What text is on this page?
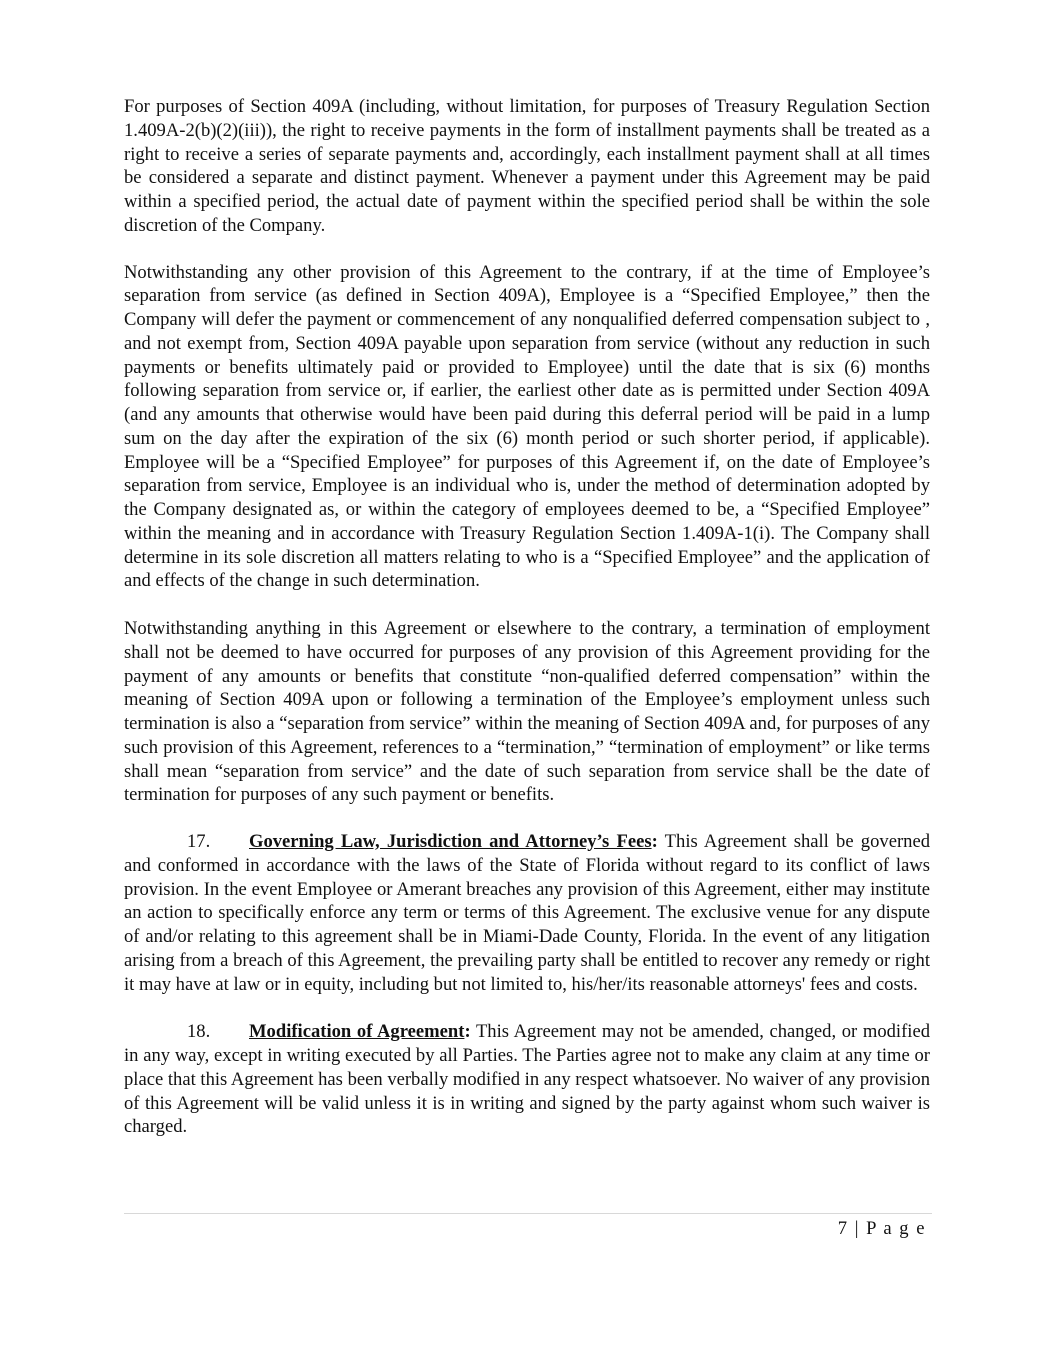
For purposes of Section 409A (including, without limitation, for purposes of Treasury Regulation Section 1.409A-2(b)(2)(iii)), the right to receive payments in the form of installment payments shall be treated as a right to receive a series of separate payments and, accordingly, each installment payment shall at all times be considered a separate and distinct payment. Whenever a payment under this Agreement may be paid within a specified period, the actual date of payment within the specified period shall be within the sole discretion of the Company.

Notwithstanding any other provision of this Agreement to the contrary, if at the time of Employee’s separation from service (as defined in Section 409A), Employee is a “Specified Employee,” then the Company will defer the payment or commencement of any nonqualified deferred compensation subject to , and not exempt from, Section 409A payable upon separation from service (without any reduction in such payments or benefits ultimately paid or provided to Employee) until the date that is six (6) months following separation from service or, if earlier, the earliest other date as is permitted under Section 409A (and any amounts that otherwise would have been paid during this deferral period will be paid in a lump sum on the day after the expiration of the six (6) month period or such shorter period, if applicable). Employee will be a “Specified Employee” for purposes of this Agreement if, on the date of Employee’s separation from service, Employee is an individual who is, under the method of determination adopted by the Company designated as, or within the category of employees deemed to be, a “Specified Employee” within the meaning and in accordance with Treasury Regulation Section 1.409A-1(i). The Company shall determine in its sole discretion all matters relating to who is a “Specified Employee” and the application of and effects of the change in such determination.

Notwithstanding anything in this Agreement or elsewhere to the contrary, a termination of employment shall not be deemed to have occurred for purposes of any provision of this Agreement providing for the payment of any amounts or benefits that constitute “non-qualified deferred compensation” within the meaning of Section 409A upon or following a termination of the Employee’s employment unless such termination is also a “separation from service” within the meaning of Section 409A and, for purposes of any such provision of this Agreement, references to a “termination,” “termination of employment” or like terms shall mean “separation from service” and the date of such separation from service shall be the date of termination for purposes of any such payment or benefits.

17. Governing Law, Jurisdiction and Attorney’s Fees: This Agreement shall be governed and conformed in accordance with the laws of the State of Florida without regard to its conflict of laws provision. In the event Employee or Amerant breaches any provision of this Agreement, either may institute an action to specifically enforce any term or terms of this Agreement. The exclusive venue for any dispute of and/or relating to this agreement shall be in Miami-Dade County, Florida. In the event of any litigation arising from a breach of this Agreement, the prevailing party shall be entitled to recover any remedy or right it may have at law or in equity, including but not limited to, his/her/its reasonable attorneys' fees and costs.

18. Modification of Agreement: This Agreement may not be amended, changed, or modified in any way, except in writing executed by all Parties. The Parties agree not to make any claim at any time or place that this Agreement has been verbally modified in any respect whatsoever. No waiver of any provision of this Agreement will be valid unless it is in writing and signed by the party against whom such waiver is charged.

7 | P a g e
